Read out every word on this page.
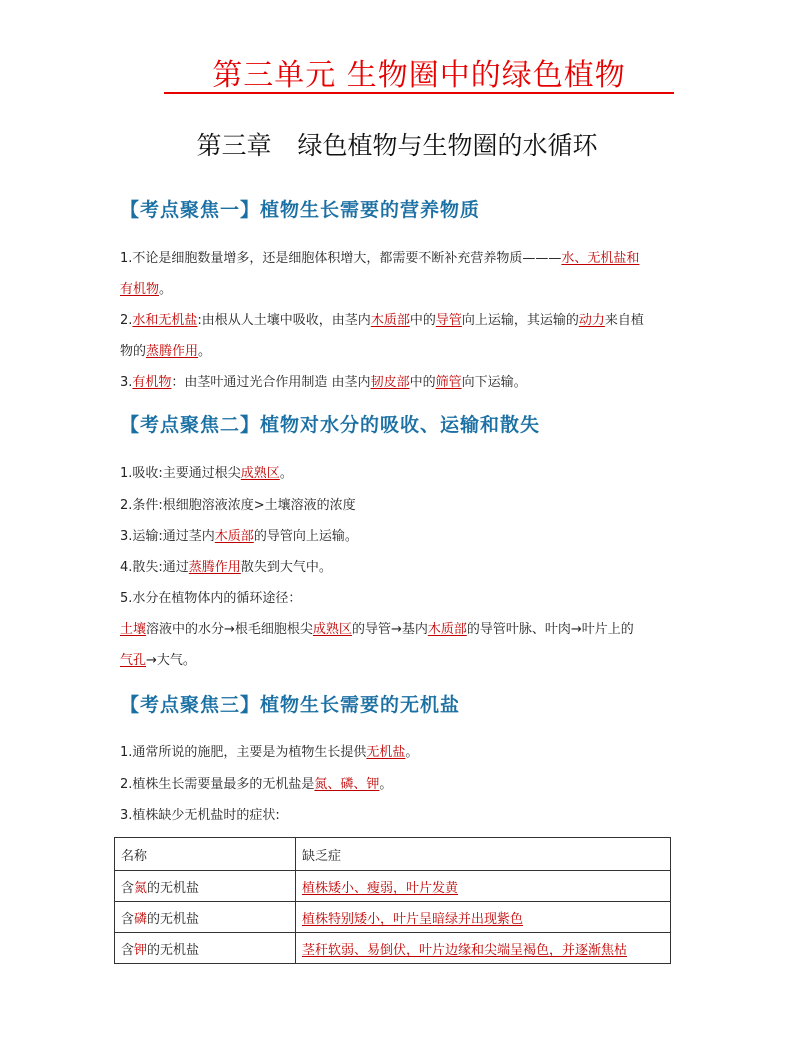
第三单元 生物圈中的绿色植物
第三章 绿色植物与生物圈的水循环
【考点聚焦一】植物生长需要的营养物质
1.不论是细胞数量增多，还是细胞体积增大，都需要不断补充营养物质———水、无机盐和
有机物。
2.水和无机盐:由根从人土壤中吸收，由茎内木质部中的导管向上运输，其运输的动力来自植
物的蒸腾作用。
3.有机物：由茎叶通过光合作用制造 由茎内韧皮部中的筛管向下运输。
【考点聚焦二】植物对水分的吸收、运输和散失
1.吸收:主要通过根尖成熟区。
2.条件:根细胞溶液浓度>土壤溶液的浓度
3.运输:通过茎内木质部的导管向上运输。
4.散失:通过蒸腾作用散失到大气中。
5.水分在植物体内的循环途径：
土壤溶液中的水分→根毛细胞根尖成熟区的导管→基内木质部的导管叶脉、叶肉→叶片上的
气孔→大气。
【考点聚焦三】植物生长需要的无机盐
1.通常所说的施肥，主要是为植物生长提供无机盐。
2.植株生长需要量最多的无机盐是氮、磷、钾。
3.植株缺少无机盐时的症状:
名称	缺乏症
含氮的无机盐	植株矮小、瘦弱，叶片发黄
含磷的无机盐	植株特别矮小，叶片呈暗绿并出现紫色
含钾的无机盐	茎秆软弱、易倒伏，叶片边缘和尖端呈褐色，并逐渐焦枯
